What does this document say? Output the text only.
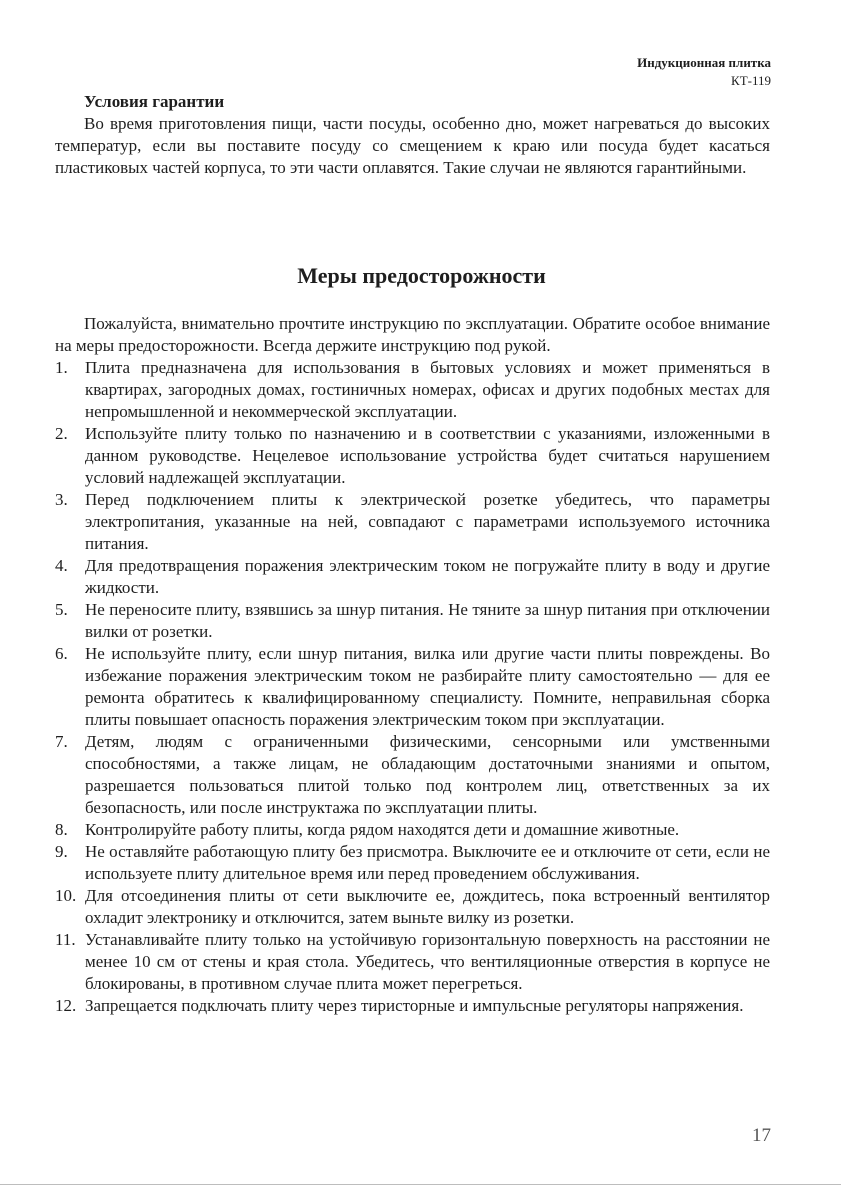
Индукционная плитка
КТ-119
Условия гарантии

Во время приготовления пищи, части посуды, особенно дно, может нагреваться до высоких температур, если вы поставите посуду со смещением к краю или посуда будет касаться пластиковых частей корпуса, то эти части оплавятся. Такие случаи не являются гарантийными.

Меры предосторожности

Пожалуйста, внимательно прочтите инструкцию по эксплуатации. Обратите особое внимание на меры предосторожности. Всегда держите инструкцию под рукой.

1. Плита предназначена для использования в бытовых условиях и может применяться в квартирах, загородных домах, гостиничных номерах, офисах и других подобных местах для непромышленной и некоммерческой эксплуатации.
2. Используйте плиту только по назначению и в соответствии с указаниями, изложенными в данном руководстве. Нецелевое использование устройства будет считаться нарушением условий надлежащей эксплуатации.
3. Перед подключением плиты к электрической розетке убедитесь, что параметры электропитания, указанные на ней, совпадают с параметрами используемого источника питания.
4. Для предотвращения поражения электрическим током не погружайте плиту в воду и другие жидкости.
5. Не переносите плиту, взявшись за шнур питания. Не тяните за шнур питания при отключении вилки от розетки.
6. Не используйте плиту, если шнур питания, вилка или другие части плиты повреждены. Во избежание поражения электрическим током не разбирайте плиту самостоятельно — для ее ремонта обратитесь к квалифицированному специалисту. Помните, неправильная сборка плиты повышает опасность поражения электрическим током при эксплуатации.
7. Детям, людям с ограниченными физическими, сенсорными или умственными способностями, а также лицам, не обладающим достаточными знаниями и опытом, разрешается пользоваться плитой только под контролем лиц, ответственных за их безопасность, или после инструктажа по эксплуатации плиты.
8. Контролируйте работу плиты, когда рядом находятся дети и домашние животные.
9. Не оставляйте работающую плиту без присмотра. Выключите ее и отключите от сети, если не используете плиту длительное время или перед проведением обслуживания.
10. Для отсоединения плиты от сети выключите ее, дождитесь, пока встроенный вентилятор охладит электронику и отключится, затем выньте вилку из розетки.
11. Устанавливайте плиту только на устойчивую горизонтальную поверхность на расстоянии не менее 10 см от стены и края стола. Убедитесь, что вентиляционные отверстия в корпусе не блокированы, в противном случае плита может перегреться.
12. Запрещается подключать плиту через тиристорные и импульсные регуляторы напряжения.
17
